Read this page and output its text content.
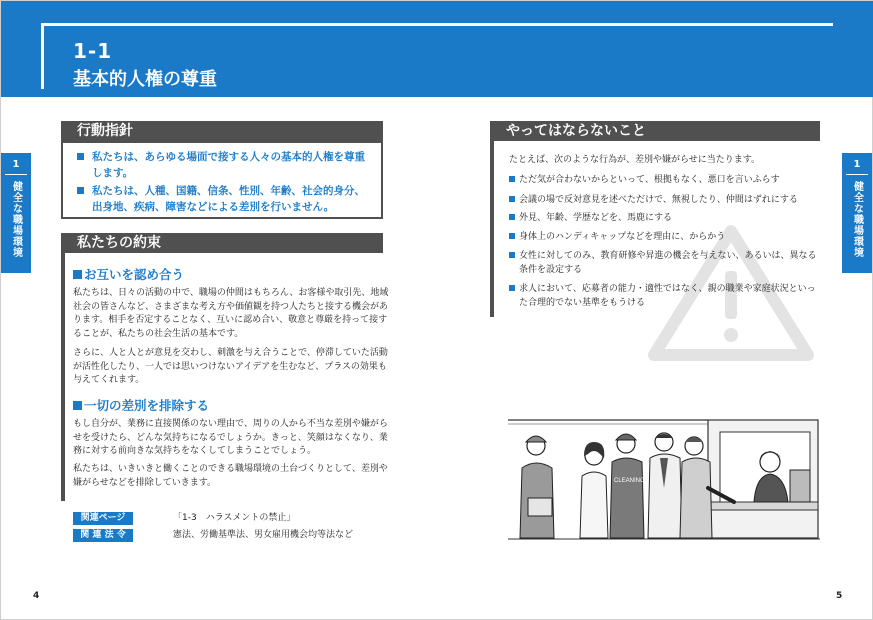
1-1
基本的人権の尊重
1
健全な職場環境
1
健全な職場環境
行動指針
私たちは、あらゆる場面で接する人々の基本的人権を尊重
します。
私たちは、人種、国籍、信条、性別、年齢、社会的身分、
出身地、疾病、障害などによる差別を行いません。
私たちの約束
お互いを認め合う
私たちは、日々の活動の中で、職場の仲間はもちろん、お客様や取引先、地域
社会の皆さんなど、さまざまな考え方や価値観を持つ人たちと接する機会があ
ります。相手を否定することなく、互いに認め合い、敬意と尊厳を持って接す
ることが、私たちの社会生活の基本です。
さらに、人と人とが意見を交わし、刺激を与え合うことで、停滞していた活動
が活性化したり、一人では思いつけないアイデアを生むなど、プラスの効果も
与えてくれます。
一切の差別を排除する
もし自分が、業務に直接関係のない理由で、周りの人から不当な差別や嫌がら
せを受けたら、どんな気持ちになるでしょうか。きっと、笑顔はなくなり、業
務に対する前向きな気持ちをなくしてしまうことでしょう。
私たちは、いきいきと働くことのできる職場環境の土台づくりとして、差別や
嫌がらせなどを排除していきます。
関連ページ	「1-3　ハラスメントの禁止」
関 連 法 令	憲法、労働基準法、男女雇用機会均等法など
やってはならないこと
たとえば、次のような行為が、差別や嫌がらせに当たります。
ただ気が合わないからといって、根拠もなく、悪口を言いふらす
会議の場で反対意見を述べただけで、無視したり、仲間はずれにする
外見、年齢、学歴などを、馬鹿にする
身体上のハンディキャップなどを理由に、からかう
女性に対してのみ、教育研修や昇進の機会を与えない、あるいは、異なる
条件を設定する
求人において、応募者の能力・適性ではなく、親の職業や家庭状況といっ
た合理的でない基準をもうける
CLEANING
4	5
